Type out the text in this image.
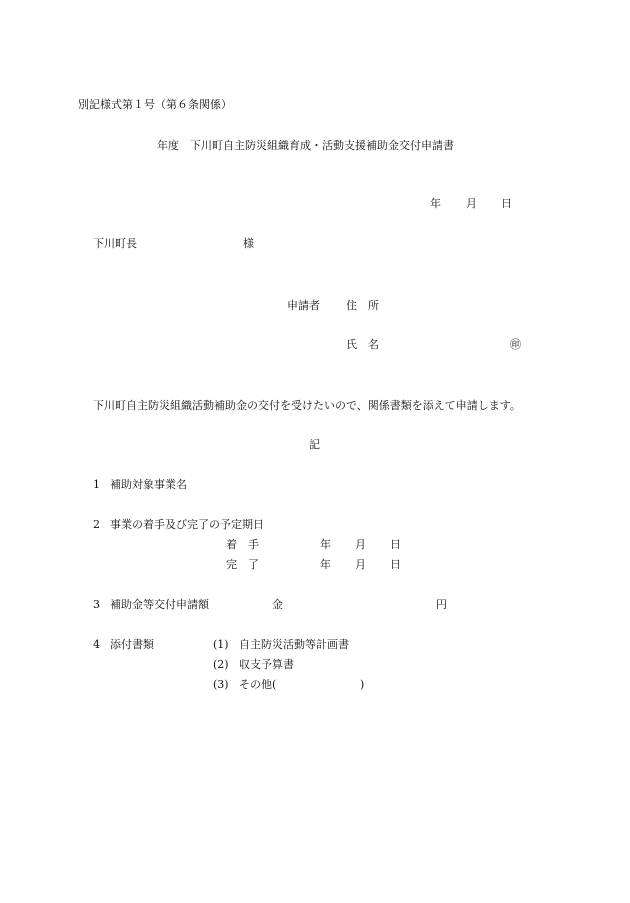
別記様式第１号（第６条関係）
年度　下川町自主防災組織育成・活動支援補助金交付申請書
年 月 日
下川町長	様
申請者 住　所
氏　名	㊞
下川町自主防災組織活動補助金の交付を受けたいので、関係書類を添えて申請します。
記
1 補助対象事業名
2 事業の着手及び完了の予定期日
着　手	年 月 日
完　了	年 月 日
3 補助金等交付申請額	金	円
4 添付書類	(1) 自主防災活動等計画書
(2) 収支予算書
(3) その他(	)
